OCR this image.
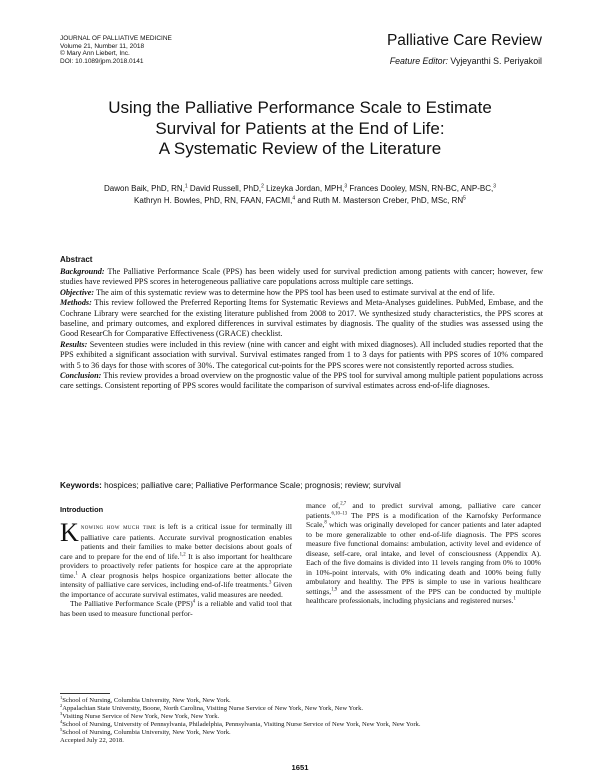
JOURNAL OF PALLIATIVE MEDICINE
Volume 21, Number 11, 2018
© Mary Ann Liebert, Inc.
DOI: 10.1089/jpm.2018.0141
Palliative Care Review
Feature Editor: Vyjeyanthi S. Periyakoil
Using the Palliative Performance Scale to Estimate
Survival for Patients at the End of Life:
A Systematic Review of the Literature
Dawon Baik, PhD, RN,$^1$ David Russell, PhD,$^2$ Lizeyka Jordan, MPH,$^3$ Frances Dooley, MSN, RN-BC, ANP-BC,$^3$
Kathryn H. Bowles, PhD, RN, FAAN, FACMI,$^4$ and Ruth M. Masterson Creber, PhD, MSc, $RN^5$
Abstract

Background: The Palliative Performance Scale (PPS) has been widely used for survival prediction among patients with cancer; however, few studies have reviewed PPS scores in heterogeneous palliative care populations across multiple care settings.

Objective: The aim of this systematic review was to determine how the PPS tool has been used to estimate survival at the end of life.

Methods: This review followed the Preferred Reporting Items for Systematic Reviews and Meta-Analyses guidelines. PubMed, Embase, and the Cochrane Library were searched for the existing literature published from 2008 to 2017. We synthesized study characteristics, the PPS scores at baseline, and primary outcomes, and explored differences in survival estimates by diagnosis. The quality of the studies was assessed using the Good ResearCh for Comparative Effectiveness (GRACE) checklist.

Results: Seventeen studies were included in this review (nine with cancer and eight with mixed diagnoses). All included studies reported that the PPS exhibited a significant association with survival. Survival estimates ranged from 1 to 3 days for patients with PPS scores of 10% compared with 5 to 36 days for those with scores of 30%. The categorical cut-points for the PPS scores were not consistently reported across studies.

Conclusion: This review provides a broad overview on the prognostic value of the PPS tool for survival among multiple patient populations across care settings. Consistent reporting of PPS scores would facilitate the comparison of survival estimates across end-of-life diagnoses.

Keywords: hospices; palliative care; Palliative Performance Scale; prognosis; review; survival
Introduction

Knowing how much time is left is a critical issue for terminally ill palliative care patients. Accurate survival prognostication enables patients and their families to make better decisions about goals of care and to prepare for the end of life.$^{1,2}$ It is also important for healthcare providers to proactively refer patients for hospice care at the appropriate time.$^1$ A clear prognosis helps hospice organizations better allocate the intensity of palliative care services, including end-of-life treatments.$^3$ Given the importance of accurate survival estimates, valid measures are needed.

The Palliative Performance Scale (PPS)$^4$ is a reliable and valid tool that has been used to measure functional perfor-

mance of,$^{2,7}$ and to predict survival among, palliative care cancer patients.$^{6,10-13}$ The PPS is a modification of the Karnofsky Performance Scale,$^8$ which was originally developed for cancer patients and later adapted to be more generalizable to other end-of-life diagnosis. The PPS scores measure five functional domains: ambulation, activity level and evidence of disease, self-care, oral intake, and level of consciousness (Appendix A). Each of the five domains is divided into 11 levels ranging from 0% to 100% in 10%-point intervals, with 0% indicating death and 100% being fully ambulatory and healthy. The PPS is simple to use in various healthcare settings,$^{1,9}$ and the assessment of the PPS can be conducted by multiple healthcare professionals, including physicians and registered nurses.$^1$

$^1$School of Nursing, Columbia University, New York, New York.
$^2$Appalachian State University, Boone, North Carolina, Visiting Nurse Service of New York, New York, New York.
$^3$Visiting Nurse Service of New York, New York, New York.
$^4$School of Nursing, University of Pennsylvania, Philadelphia, Pennsylvania, Visiting Nurse Service of New York, New York, New York.
$^5$School of Nursing, Columbia University, New York, New York.
Accepted July 22, 2018.
1651
